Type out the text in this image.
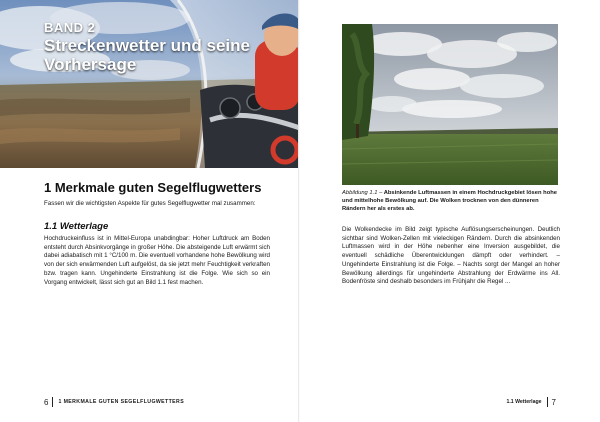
BAND 2
Streckenwetter und seine Vorhersage
1 Merkmale guten Segelflugwetters
Fassen wir die wichtigsten Aspekte für gutes Segelflugwetter mal zusammen:
1.1 Wetterlage
Hochdruckeinfluss ist in Mittel-Europa unabdingbar: Hoher Luftdruck am Boden entsteht durch Absinkvorgänge in großer Höhe. Die absteigende Luft erwärmt sich dabei adiabatisch mit 1 °C/100 m. Die eventuell vorhandene hohe Bewölkung wird von der sich erwärmenden Luft aufgelöst, da sie jetzt mehr Feuchtigkeit verkraften bzw. tragen kann. Ungehinderte Einstrahlung ist die Folge. Wie sich so ein Vorgang entwickelt, lässt sich gut an Bild 1.1 fest machen.
6 1 MERKMALE GUTEN SEGELFLUGWETTERS
Abbildung 1.1 – Absinkende Luftmassen in einem Hochdruckgebiet lösen hohe und mittelhohe Bewölkung auf. Die Wolken trocknen von den dünneren Rändern her als erstes ab.
Die Wolkendecke im Bild zeigt typische Auflösungserscheinungen. Deutlich sichtbar sind Wolken-Zellen mit vieleckigen Rändern. Durch die absinkenden Luftmassen wird in der Höhe nebenher eine Inversion ausgebildet, die eventuell schädliche Überentwicklungen dämpft oder verhindert. – Ungehinderte Einstrahlung ist die Folge. – Nachts sorgt der Mangel an hoher Bewölkung allerdings für ungehinderte Abstrahlung der Erdwärme ins All. Bodenfröste sind deshalb besonders im Frühjahr die Regel ...
1.1 Wetterlage 7
